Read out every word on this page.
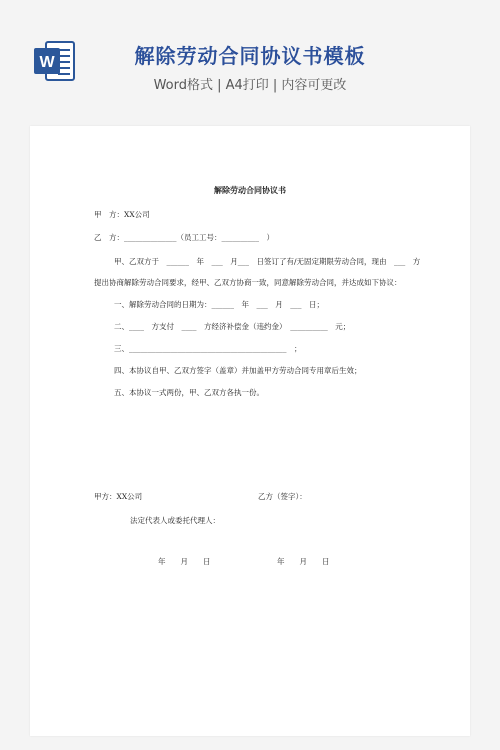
W	解除劳动合同协议书模板
Word格式 | A4打印 | 内容可更改
解除劳动合同协议书
甲　方：XX公司
乙　方：______________（员工工号：__________　）
甲、乙双方于　______　年　___　月___　日签订了有/无固定期限劳动合同，现由　___　方
提出协商解除劳动合同要求，经甲、乙双方协商一致，同意解除劳动合同，并达成如下协议：
一、解除劳动合同的日期为：______　年　___　月　___　日；
二、____　方支付　____　方经济补偿金（违约金）　__________　元；
三、__________________________________________　；
四、本协议自甲、乙双方签字（盖章）并加盖甲方劳动合同专用章后生效；
五、本协议一式两份，甲、乙双方各执一份。
甲方：XX公司	乙方（签字）：
法定代表人或委托代理人：
年　　月　　日	年　　月　　日
